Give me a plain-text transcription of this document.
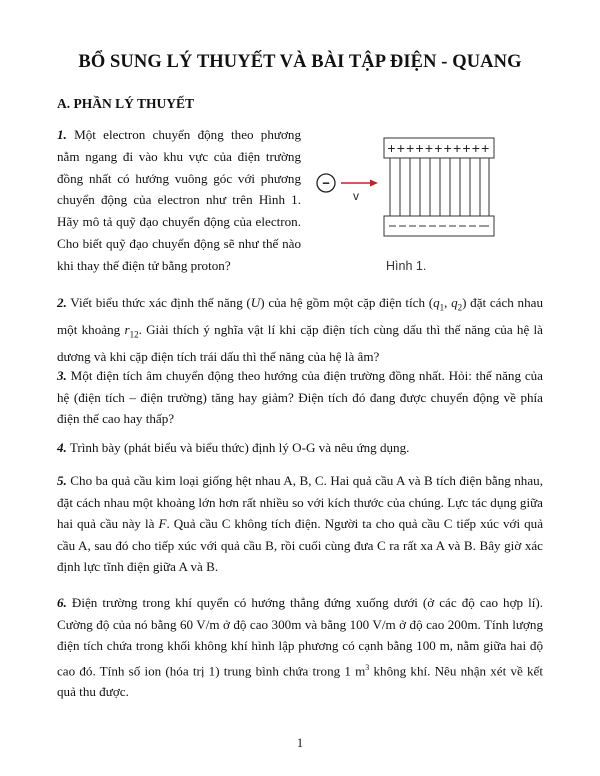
BỔ SUNG LÝ THUYẾT VÀ BÀI TẬP ĐIỆN - QUANG
A. PHẦN LÝ THUYẾT
1. Một electron chuyển động theo phương nằm ngang đi vào khu vực của điện trường đồng nhất có hướng vuông góc với phương chuyển động của electron như trên Hình 1. Hãy mô tả quỹ đạo chuyển động của electron. Cho biết quỹ đạo chuyển động sẽ như thế nào khi thay thế điện tử bằng proton?
+++++++++++
−
v
Hình 1.
2. Viết biểu thức xác định thế năng (U) của hệ gồm một cặp điện tích ($q_1$, $q_2$) đặt cách nhau một khoảng $r_{12}$. Giải thích ý nghĩa vật lí khi cặp điện tích cùng dấu thì thế năng của hệ là dương và khi cặp điện tích trái dấu thì thế năng của hệ là âm?
3. Một điện tích âm chuyển động theo hướng của điện trường đồng nhất. Hỏi: thế năng của hệ (điện tích – điện trường) tăng hay giảm? Điện tích đó đang được chuyển động về phía điện thế cao hay thấp?
4. Trình bày (phát biểu và biểu thức) định lý O-G và nêu ứng dụng.
5. Cho ba quả cầu kim loại giống hệt nhau A, B, C. Hai quả cầu A và B tích điện bằng nhau, đặt cách nhau một khoảng lớn hơn rất nhiều so với kích thước của chúng. Lực tác dụng giữa hai quả cầu này là F. Quả cầu C không tích điện. Người ta cho quả cầu C tiếp xúc với quả cầu A, sau đó cho tiếp xúc với quả cầu B, rồi cuối cùng đưa C ra rất xa A và B. Bây giờ xác định lực tĩnh điện giữa A và B.
6. Điện trường trong khí quyển có hướng thẳng đứng xuống dưới (ở các độ cao hợp lí). Cường độ của nó bằng 60 V/m ở độ cao 300m và bằng 100 V/m ở độ cao 200m. Tính lượng điện tích chứa trong khối không khí hình lập phương có cạnh bằng 100 m, nằm giữa hai độ cao đó. Tính số ion (hóa trị 1) trung bình chứa trong 1 $m^3$ không khí. Nêu nhận xét về kết quả thu được.
1
